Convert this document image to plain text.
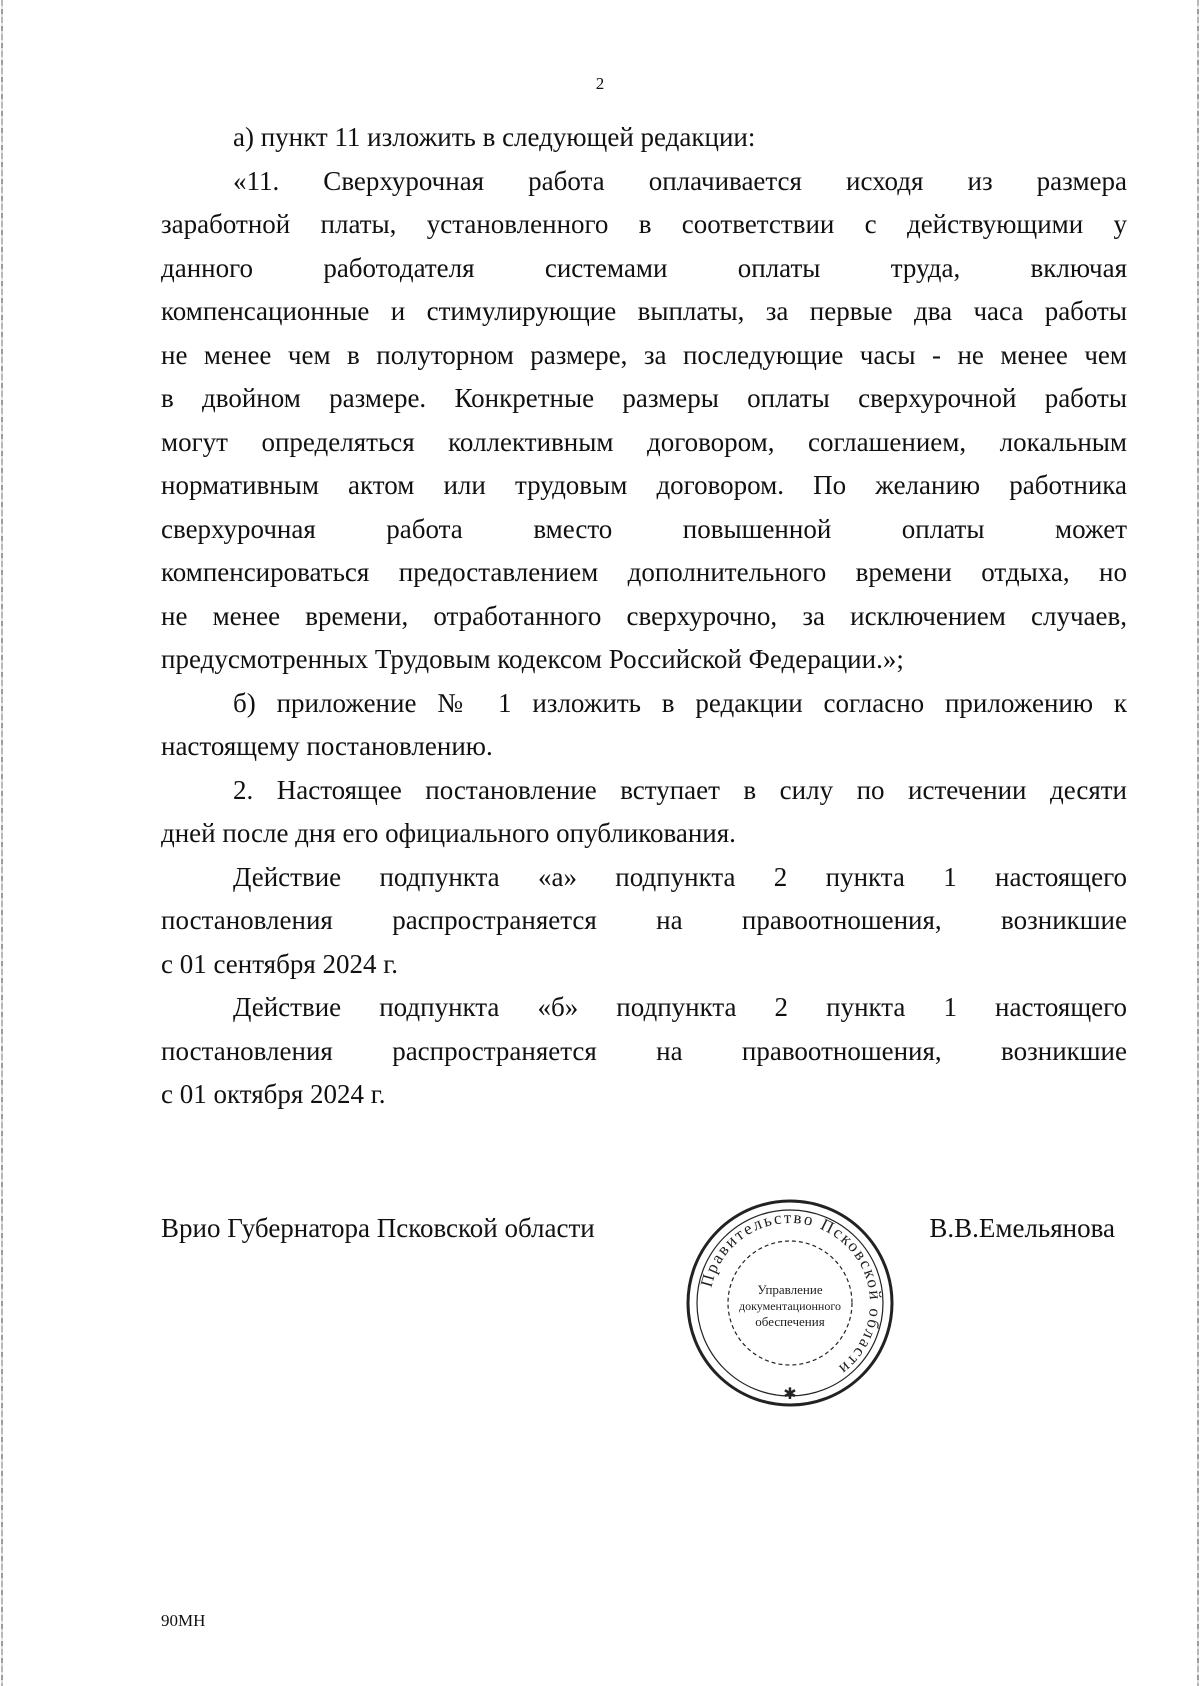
2

а) пункт 11 изложить в следующей редакции:

«11. Сверхурочная работа оплачивается исходя из размера

заработной платы, установленного в соответствии с действующими у

данного работодателя системами оплаты труда, включая

компенсационные и стимулирующие выплаты, за первые два часа работы

не менее чем в полуторном размере, за последующие часы - не менее чем

в двойном размере. Конкретные размеры оплаты сверхурочной работы

могут определяться коллективным договором, соглашением, локальным

нормативным актом или трудовым договором. По желанию работника

сверхурочная работа вместо повышенной оплаты может

компенсироваться предоставлением дополнительного времени отдыха, но

не менее времени, отработанного сверхурочно, за исключением случаев,

предусмотренных Трудовым кодексом Российской Федерации.»;

б) приложение № 1 изложить в редакции согласно приложению к

настоящему постановлению.

2. Настоящее постановление вступает в силу по истечении десяти

дней после дня его официального опубликования.

Действие подпункта «а» подпункта 2 пункта 1 настоящего

постановления распространяется на правоотношения, возникшие

с 01 сентября 2024 г.

Действие подпункта «б» подпункта 2 пункта 1 настоящего

постановления распространяется на правоотношения, возникшие

с 01 октября 2024 г.

Врио Губернатора Псковской области	В.В.Емельянова
Правительство Псковской области
Управление
документационного
обеспечения
✱
90МН
